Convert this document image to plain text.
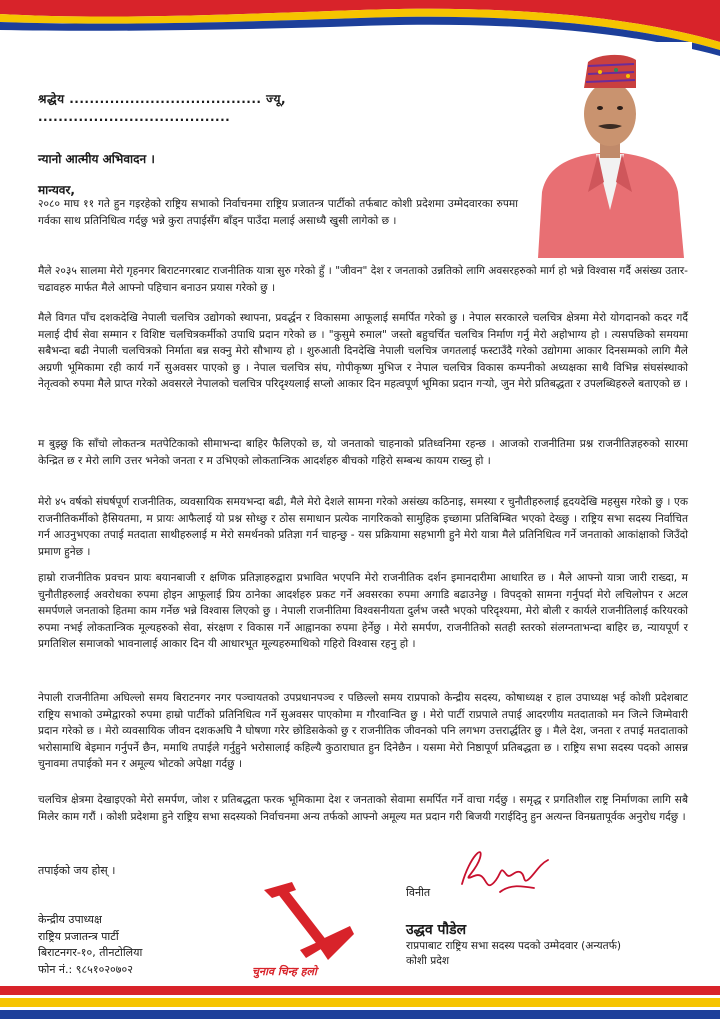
श्रद्धेय ...................................... ज्यू,
......................................
न्यानो आत्मीय अभिवादन ।
मान्यवर,

२०८० माघ ११ गते हुन गइरहेको राष्ट्रिय सभाको निर्वाचनमा राष्ट्रिय प्रजातन्त्र पार्टीको तर्फबाट कोशी प्रदेशमा उम्मेदवारका रुपमा गर्वका साथ प्रतिनिधित्व गर्दछु भन्ने कुरा तपाईसँग बाँड्न पाउँदा मलाई असाध्यै खुसी लागेको छ ।

मैले २०३५ सालमा मेरो गृहनगर बिराटनगरबाट राजनीतिक यात्रा सुरु गरेको हुँ । "जीवन" देश र जनताको उन्नतिको लागि अवसरहरुको मार्ग हो भन्ने विश्वास गर्दै असंख्य उतार-चढावहरु मार्फत मैले आफ्नो पहिचान बनाउन प्रयास गरेको छु ।

मैले विगत पाँच दशकदेखि नेपाली चलचित्र उद्योगको स्थापना, प्रवर्द्धन र विकासमा आफूलाई समर्पित गरेको छु । नेपाल सरकारले चलचित्र क्षेत्रमा मेरो योगदानको कदर गर्दै मलाई दीर्घ सेवा सम्मान र विशिष्ट चलचित्रकर्मीको उपाधि प्रदान गरेको छ । "कुसुमे रुमाल" जस्तो बहुचर्चित चलचित्र निर्माण गर्नु मेरो अहोभाग्य हो । त्यसपछिको समयमा सबैभन्दा बढी नेपाली चलचित्रको निर्माता बन्न सक्नु मेरो सौभाग्य हो । शुरुआती दिनदेखि नेपाली चलचित्र जगतलाई फस्टाउँदै गरेको उद्योगमा आकार दिनसम्मको लागि मैले अग्रणी भूमिकामा रही कार्य गर्ने सुअवसर पाएको छु । नेपाल चलचित्र संघ, गोपीकृष्ण मुभिज र नेपाल चलचित्र विकास कम्पनीको अध्यक्षका साथै विभिन्न संघसंस्थाको नेतृत्वको रुपमा मैले प्राप्त गरेको अवसरले नेपालको चलचित्र परिदृश्यलाई सप्लो आकार दिन महत्वपूर्ण भूमिका प्रदान गऱ्यो, जुन मेरो प्रतिबद्धता र उपलब्धिहरुले बताएको छ ।

म बुझ्छु कि साँचो लोकतन्त्र मतपेटिकाको सीमाभन्दा बाहिर फैलिएको छ, यो जनताको चाहनाको प्रतिध्वनिमा रहन्छ । आजको राजनीतिमा प्रश्न राजनीतिज्ञहरुको सारमा केन्द्रित छ र मेरो लागि उत्तर भनेको जनता र म उभिएको लोकतान्त्रिक आदर्शहरु बीचको गहिरो सम्बन्ध कायम राख्नु हो ।

मेरो ४५ वर्षको संघर्षपूर्ण राजनीतिक, व्यवसायिक समयभन्दा बढी, मैले मेरो देशले सामना गरेको असंख्य कठिनाइ, समस्या र चुनौतीहरुलाई हृदयदेखि महसुस गरेको छु । एक राजनीतिकर्मीको हैसियतमा, म प्रायः आफैलाई यो प्रश्न सोध्छु र ठोस समाधान प्रत्येक नागरिकको सामुहिक इच्छामा प्रतिबिम्बित भएको देख्छु । राष्ट्रिय सभा सदस्य निर्वाचित गर्न आउनुभएका तपाई मतदाता साथीहरुलाई म मेरो समर्थनको प्रतिज्ञा गर्न चाहन्छु - यस प्रक्रियामा सहभागी हुने मेरो यात्रा मैले प्रतिनिधित्व गर्ने जनताको आकांक्षाको जिउँदो प्रमाण हुनेछ ।

हाम्रो राजनीतिक प्रवचन प्रायः बयानबाजी र क्षणिक प्रतिज्ञाहरुद्वारा प्रभावित भएपनि मेरो राजनीतिक दर्शन इमानदारीमा आधारित छ । मैले आफ्नो यात्रा जारी राख्दा, म चुनौतीहरुलाई अवरोधका रुपमा होइन आफूलाई प्रिय ठानेका आदर्शहरु प्रकट गर्ने अवसरका रुपमा अगाडि बढाउनेछु । विपद्को सामना गर्नुपर्दा मेरो लचिलोपन र अटल समर्पणले जनताको हितमा काम गर्नेछ भन्ने विश्वास लिएको छु । नेपाली राजनीतिमा विश्वसनीयता दुर्लभ जस्तै भएको परिदृश्यमा, मेरो बोली र कार्यले राजनीतिलाई करियरको रुपमा नभई लोकतान्त्रिक मूल्यहरुको सेवा, संरक्षण र विकास गर्ने आह्वानका रुपमा हेर्नेछु । मेरो समर्पण, राजनीतिको सतही स्तरको संलग्नताभन्दा बाहिर छ, न्यायपूर्ण र प्रगतिशिल समाजको भावनालाई आकार दिन यी आधारभूत मूल्यहरुमाथिको गहिरो विश्वास रहनु हो ।

नेपाली राजनीतिमा अघिल्लो समय बिराटनगर नगर पञ्चायतको उपप्रधानपञ्च र पछिल्लो समय राप्रपाको केन्द्रीय सदस्य, कोषाध्यक्ष र हाल उपाध्यक्ष भई कोशी प्रदेशबाट राष्ट्रिय सभाको उम्मेद्वारको रुपमा हाम्रो पार्टीको प्रतिनिधित्व गर्ने सुअवसर पाएकोमा म गौरवान्वित छु । मेरो पार्टी राप्रपाले तपाई आदरणीय मतदाताको मन जित्ने जिम्मेवारी प्रदान गरेको छ । मेरो व्यवसायिक जीवन दशकअघि नै घोषणा गरेर छोडिसकेको छु र राजनीतिक जीवनको पनि लगभग उत्तरार्द्धतिर छु । मैले देश, जनता र तपाई मतदाताको भरोसामाथि बेइमान गर्नुपर्ने छैन, ममाथि तपाईले गर्नुहुने भरोसालाई कहिल्यै कुठाराघात हुन दिनेछैन । यसमा मेरो निष्ठापूर्ण प्रतिबद्धता छ । राष्ट्रिय सभा सदस्य पदको आसन्न चुनावमा तपाईको मन र अमूल्य भोटको अपेक्षा गर्दछु ।

चलचित्र क्षेत्रमा देखाइएको मेरो समर्पण, जोश र प्रतिबद्धता फरक भूमिकामा देश र जनताको सेवामा समर्पित गर्ने वाचा गर्दछु । समृद्ध र प्रगतिशील राष्ट्र निर्माणका लागि सबै मिलेर काम गरौं । कोशी प्रदेशमा हुने राष्ट्रिय सभा सदस्यको निर्वाचनमा अन्य तर्फको आफ्नो अमूल्य मत प्रदान गरी बिजयी गराईदिनु हुन अत्यन्त विनम्रतापूर्वक अनुरोध गर्दछु ।

तपाईको जय होस् ।
केन्द्रीय उपाध्यक्ष
राष्ट्रिय प्रजातन्त्र पार्टी
बिराटनगर-१०, तीनटोलिया
फोन नं.: ९८५१०२०७०२	चुनाव चिन्ह हलो
विनीत
उद्धव पौडेल
राप्रपाबाट राष्ट्रिय सभा सदस्य पदको उम्मेदवार (अन्यतर्फ)
कोशी प्रदेश
